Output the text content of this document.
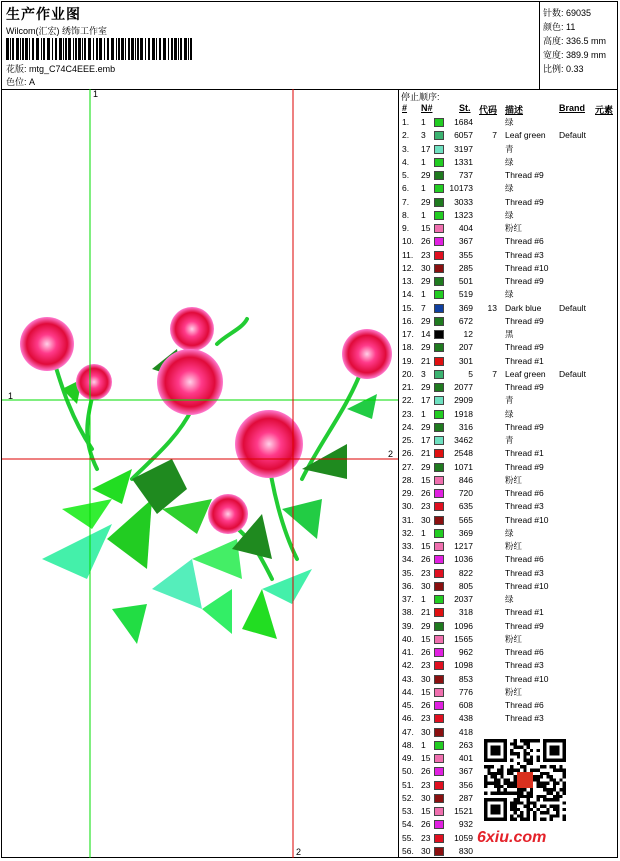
生产作业图
Wilcom(汇宏) 绣饰工作室
花版: mtg_C74C4EEE.emb
色位: A
针数: 69035
颜色: 11
高度: 336.5 mm
宽度: 389.9 mm
比例: 0.33
1
1
2
2
停止顺序:
# N#	St. 代码 描述	Brand 元素
1. 1	1684	绿
2. 3	6057	7 Leaf green Default
3. 17	3197	青
4. 1	1331	绿
5. 29	737	Thread #9
6. 1	10173	绿
7. 29	3033	Thread #9
8. 1	1323	绿
9. 15	404	粉红
10. 26	367	Thread #6
11. 23	355	Thread #3
12. 30	285	Thread #10
13. 29	501	Thread #9
14. 1	519	绿
15. 7	369	13 Dark blue Default
16. 29	672	Thread #9
17. 14	12	黑
18. 29	207	Thread #9
19. 21	301	Thread #1
20. 3	5	7 Leaf green Default
21. 29	2077	Thread #9
22. 17	2909	青
23. 1	1918	绿
24. 29	316	Thread #9
25. 17	3462	青
26. 21	2548	Thread #1
27. 29	1071	Thread #9
28. 15	846	粉红
29. 26	720	Thread #6
30. 23	635	Thread #3
31. 30	565	Thread #10
32. 1	369	绿
33. 15	1217	粉红
34. 26	1036	Thread #6
35. 23	822	Thread #3
36. 30	805	Thread #10
37. 1	2037	绿
38. 21	318	Thread #1
39. 29	1096	Thread #9
40. 15	1565	粉红
41. 26	962	Thread #6
42. 23	1098	Thread #3
43. 30	853	Thread #10
44. 15	776	粉红
45. 26	608	Thread #6
46. 23	438	Thread #3
47. 30	418
48. 1	263
49. 15	401
50. 26	367
51. 23	356
52. 30	287
53. 15	1521
54. 26	932
55. 23	1059
56. 30	830
6xiu.com
